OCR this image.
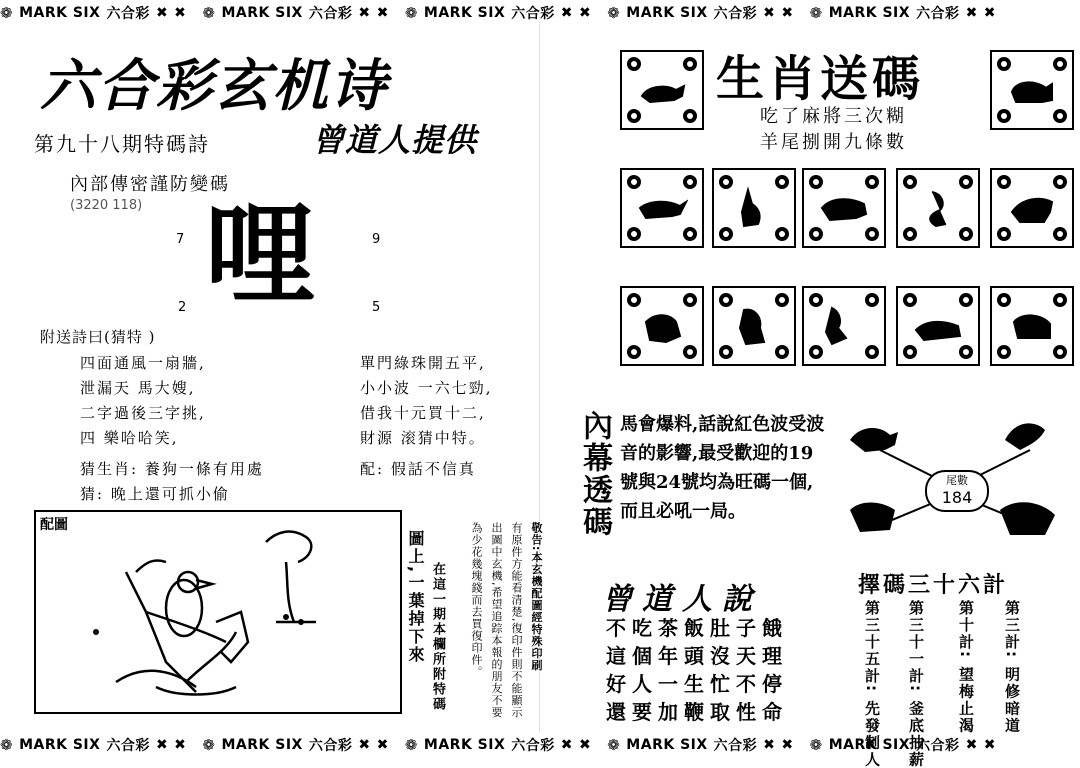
❁ MARK SIX 六合彩 ✖ ✖ ❁ MARK SIX 六合彩 ✖ ✖ ❁ MARK SIX 六合彩 ✖ ✖ ❁ MARK SIX 六合彩 ✖ ✖ ❁ MARK SIX 六合彩 ✖ ✖
❁ MARK SIX 六合彩 ✖ ✖ ❁ MARK SIX 六合彩 ✖ ✖ ❁ MARK SIX 六合彩 ✖ ✖ ❁ MARK SIX 六合彩 ✖ ✖ ❁ MARK SIX 六合彩 ✖ ✖
六合彩玄机诗
第九十八期特碼詩	曾道人提供
內部傳密謹防變碼
(3220 118) 哩
7	9
2	5
附送詩曰(猜特 )
四面通風一扇牆,
泄漏天 馬大嫂,
二字過後三字挑,
四 樂哈哈笑,
單門綠珠開五平,
小小波 一六七勁,
借我十元買十二,
財源 滚猜中特。
猜生肖: 養狗一條有用處	配: 假話不信真
猜: 晚上還可抓小偷
配圖	敬告:本玄機配圖經特殊印刷
有原件方能看清楚,復印件則不能顯示
出圖中玄機,希望追踪本報的朋友不要
為少花幾塊錢而去買復印件。
在這一期本欄所附特碼
圖上,一葉掉下來
生肖送碼
吃了麻將三次糊
羊尾捌開九條數
內幕透碼 馬會爆料,話說紅色波受波音的影響,最受歡迎的19號與24號均為旺碼一個,而且必吼一局。
尾數
184
曾道人說
不吃茶飯肚子餓
這個年頭沒天理
好人一生忙不停
還要加鞭取性命
擇碼三十六計
第三計: 明修暗道
第十計: 望梅止渴
第三十一計: 釜底抽薪
第三十五計: 先發制人
